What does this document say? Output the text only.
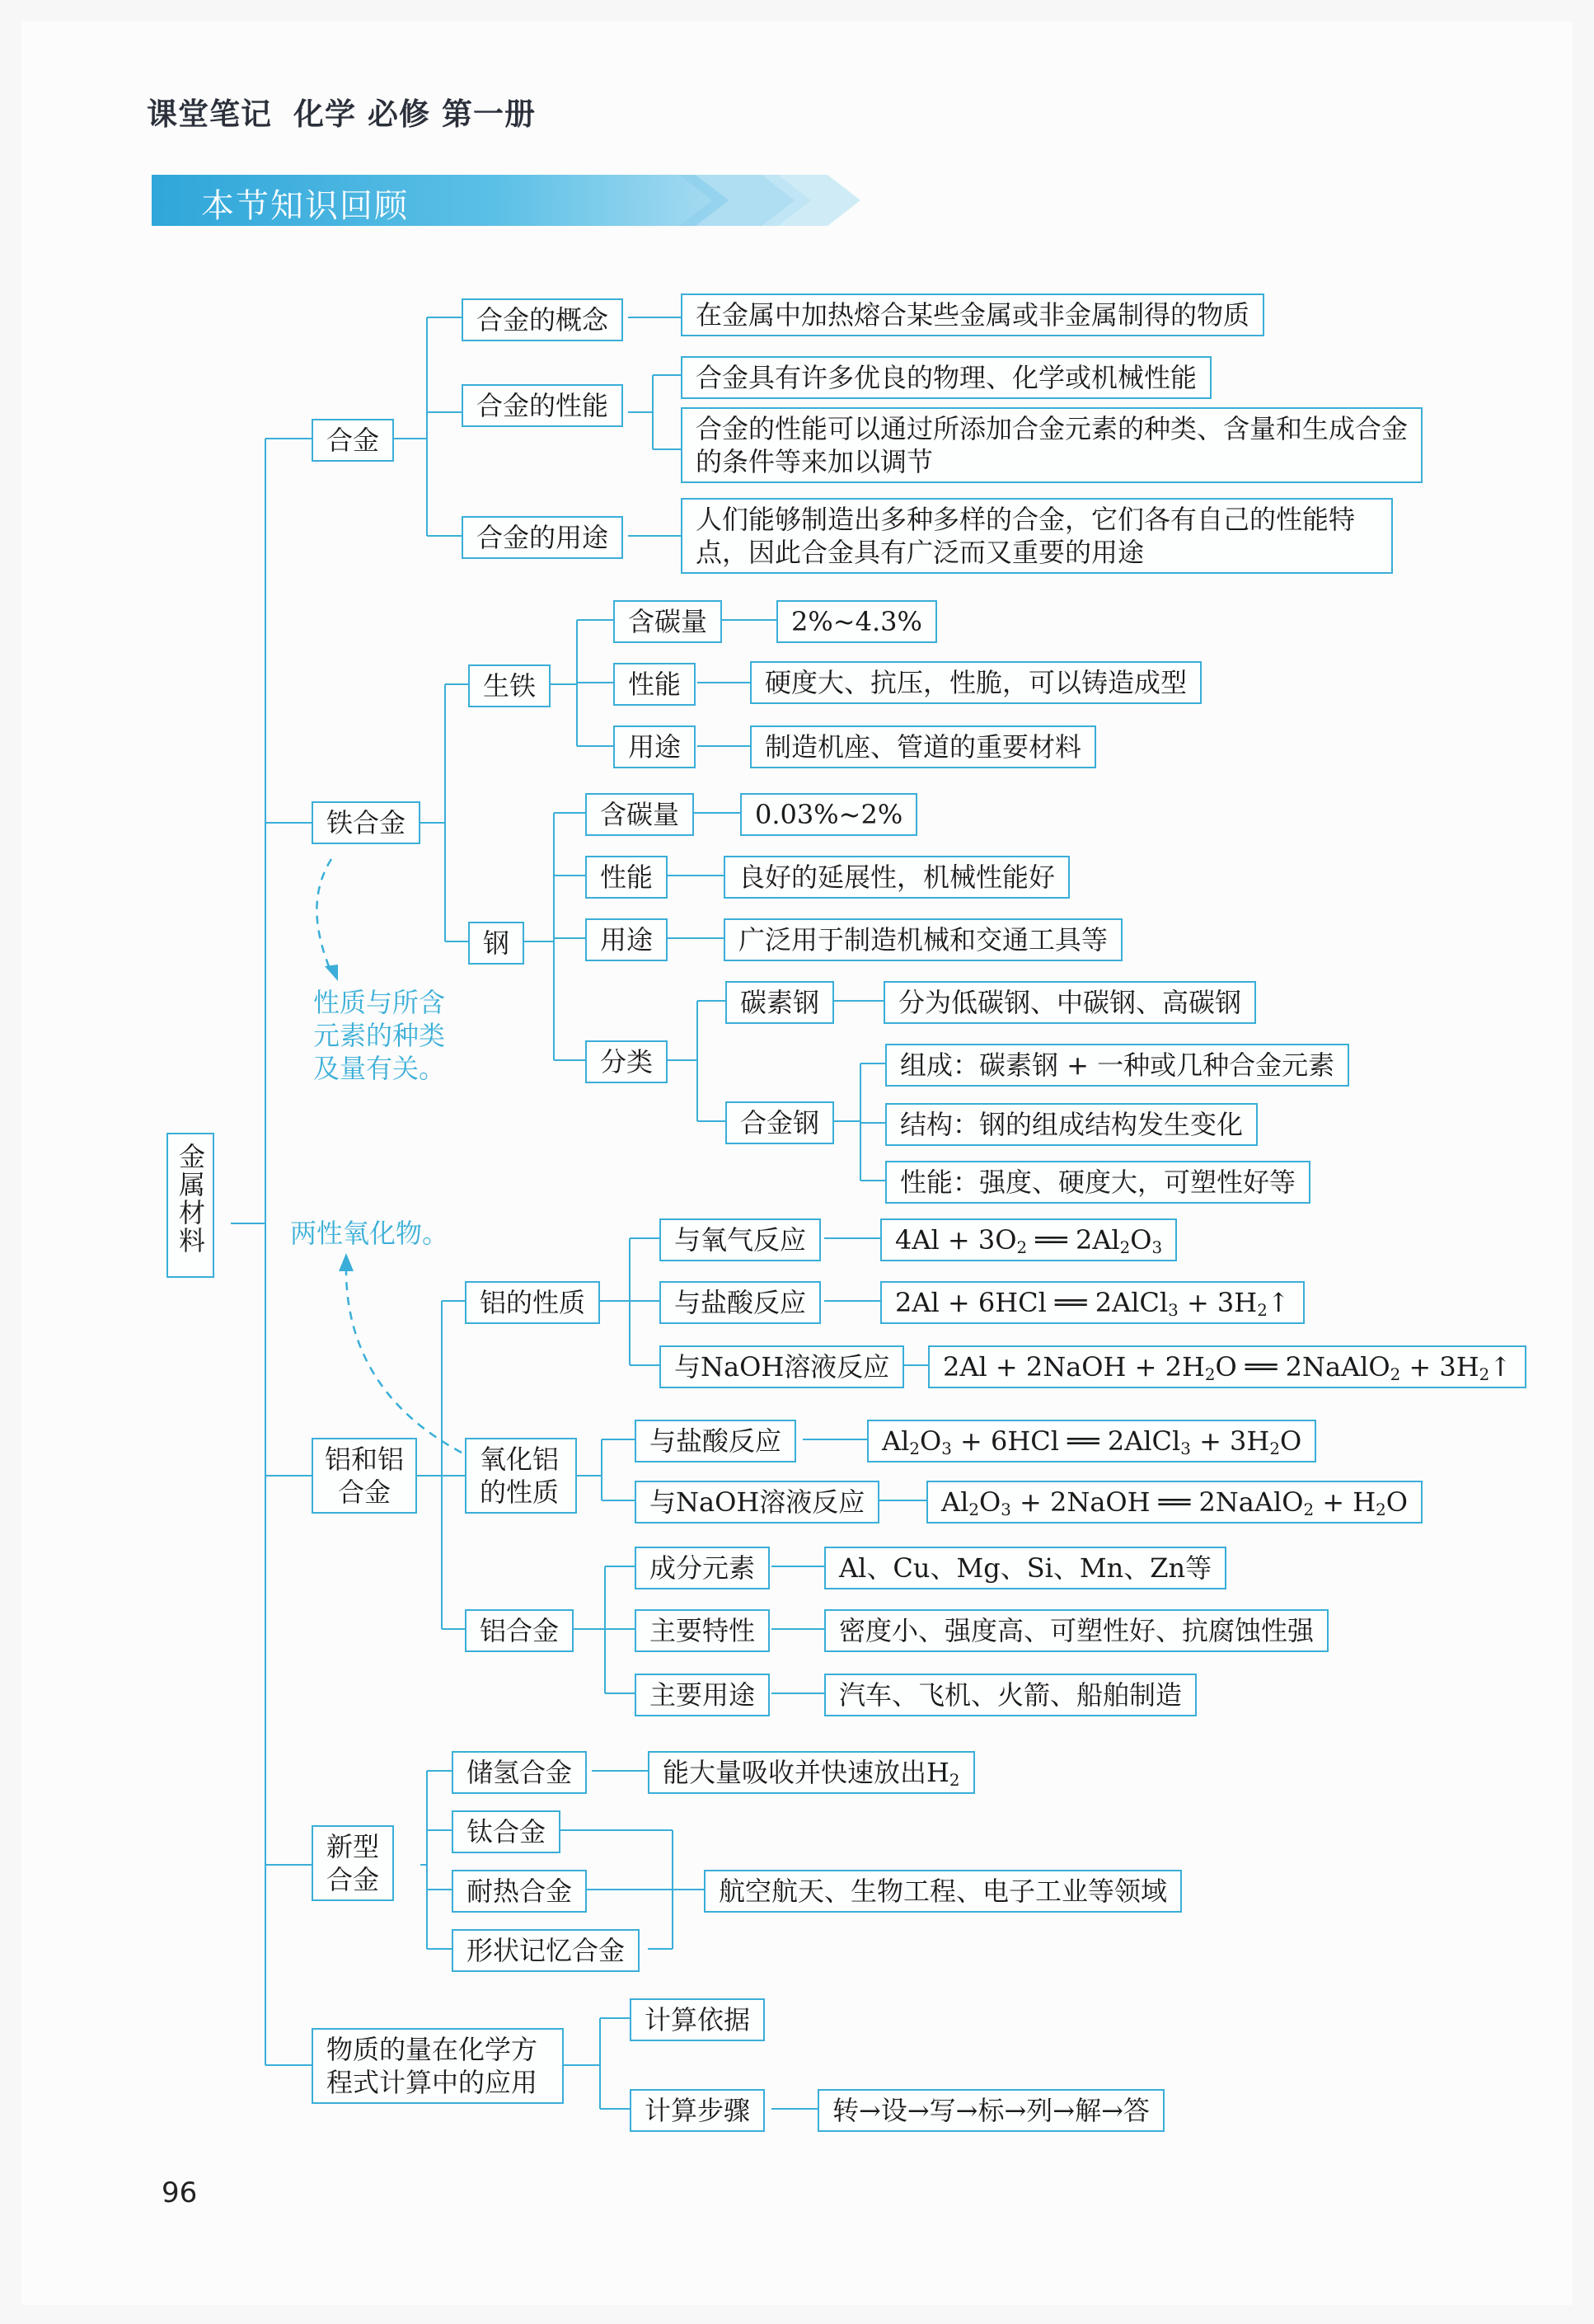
课堂笔记 化学 必修 第一册
本节知识回顾
金属材料
合金
合金的概念	在金属中加热熔合某些金属或非金属制得的物质
合金的性能
合金具有许多优良的物理、化学或机械性能
合金的性能可以通过所添加合金元素的种类、含量和生成合金的条件等来加以调节
合金的用途
人们能够制造出多种多样的合金，它们各有自己的性能特点，因此合金具有广泛而又重要的用途
铁合金
性质与所含元素的种类及量有关。
生铁
含碳量	2%~4.3%
性能	硬度大、抗压，性脆，可以铸造成型
用途	制造机座、管道的重要材料
钢
含碳量	0.03%~2%
性能	良好的延展性，机械性能好
用途	广泛用于制造机械和交通工具等
分类
碳素钢	分为低碳钢、中碳钢、高碳钢
合金钢
组成：碳素钢 + 一种或几种合金元素
结构：钢的组成结构发生变化
性能：强度、硬度大，可塑性好等
两性氧化物。
铝和铝合金
铝的性质
与氧气反应	$4Al + 3O_2$ ══ $2Al_2O_3$
与盐酸反应	2Al + 6HCl ══ 2AlCl$_3$ + $3H_2↑$
与NaOH溶液反应	2Al + 2NaOH + $2H_2O$ ══ 2NaAlO$_2$ + $3H_2↑$
氧化铝的性质
与盐酸反应	$Al_2O_3 + 6HCl$ ══ 2AlCl$_3$ + $3H_2O$
与NaOH溶液反应	$Al_2O_3$ + 2NaOH ══ 2NaAlO$_2$ + $H_2O$
铝合金
成分元素	Al、Cu、Mg、Si、Mn、Zn等
主要特性	密度小、强度高、可塑性好、抗腐蚀性强
主要用途	汽车、飞机、火箭、船舶制造
新型合金
储氢合金	能大量吸收并快速放出$H_2$
钛合金
耐热合金
形状记忆合金
航空航天、生物工程、电子工业等领域
物质的量在化学方程式计算中的应用
计算依据
计算步骤	转→设→写→标→列→解→答
96
